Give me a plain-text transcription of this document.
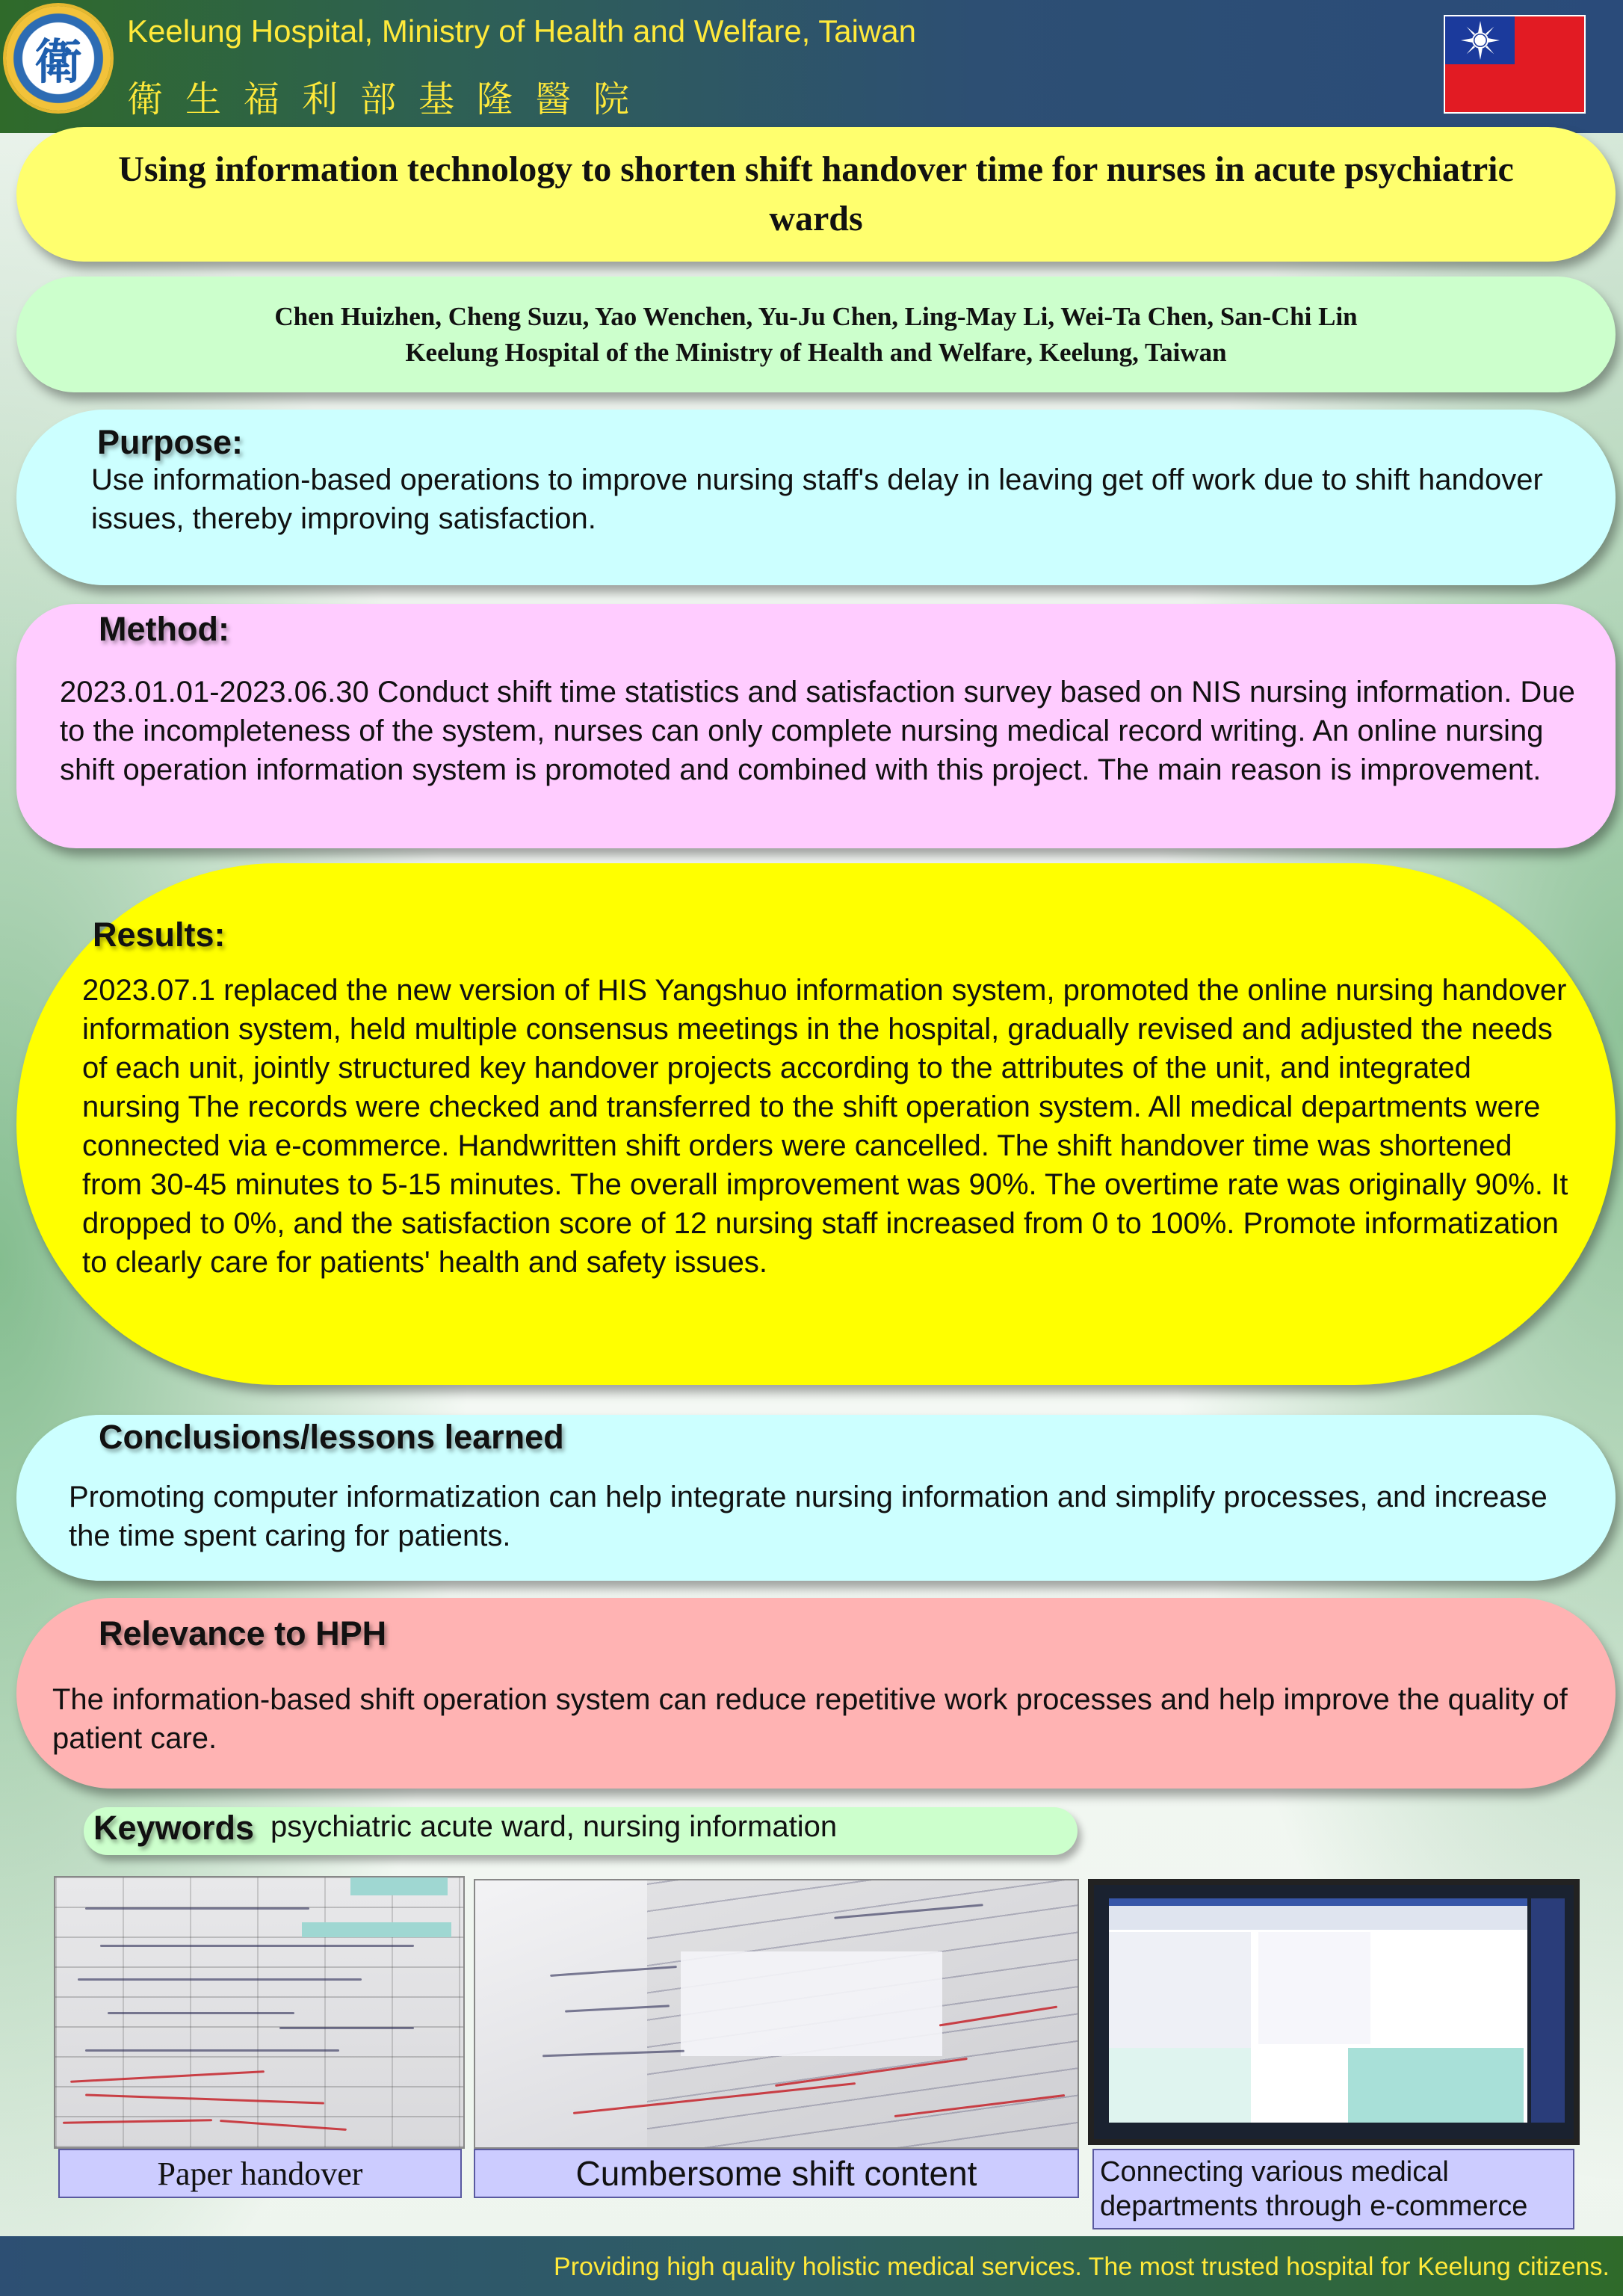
衛
Keelung Hospital, Ministry of Health and Welfare, Taiwan
衛生福利部基隆醫院
Using information technology to shorten shift handover time for nurses in acute psychiatric wards
Chen Huizhen, Cheng Suzu, Yao Wenchen, Yu-Ju Chen, Ling-May Li, Wei-Ta Chen, San-Chi Lin
Keelung Hospital of the Ministry of Health and Welfare, Keelung, Taiwan
Purpose:
Use information-based operations to improve nursing staff's delay in leaving get off work due to shift handover issues, thereby improving satisfaction.
Method:
2023.01.01-2023.06.30 Conduct shift time statistics and satisfaction survey based on NIS nursing information. Due to the incompleteness of the system, nurses can only complete nursing medical record writing. An online nursing shift operation information system is promoted and combined with this project. The main reason is improvement.
Results:
2023.07.1 replaced the new version of HIS Yangshuo information system, promoted the online nursing handover information system, held multiple consensus meetings in the hospital, gradually revised and adjusted the needs of each unit, jointly structured key handover projects according to the attributes of the unit, and integrated nursing The records were checked and transferred to the shift operation system. All medical departments were connected via e-commerce. Handwritten shift orders were cancelled. The shift handover time was shortened from 30-45 minutes to 5-15 minutes. The overall improvement was 90%. The overtime rate was originally 90%. It dropped to 0%, and the satisfaction score of 12 nursing staff increased from 0 to 100%. Promote informatization to clearly care for patients' health and safety issues.
Conclusions/lessons learned
Promoting computer informatization can help integrate nursing information and simplify processes, and increase the time spent caring for patients.
Relevance to HPH
The information-based shift operation system can reduce repetitive work processes and help improve the quality of patient care.
Keywords psychiatric acute ward, nursing information
Paper handover	Cumbersome shift content	Connecting various medical departments through e-commerce
Providing high quality holistic medical services. The most trusted hospital for Keelung citizens.
